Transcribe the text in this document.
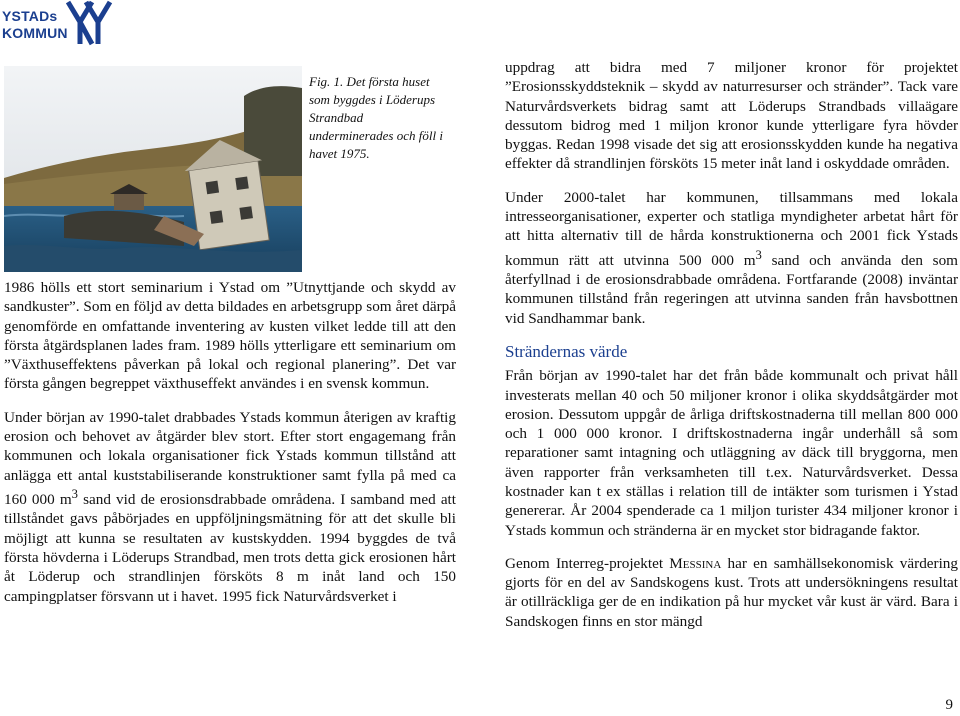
YSTADs
KOMMUN
Fig. 1. Det första huset som byggdes i Löderups Strandbad underminerades och föll i havet 1975.

1986 hölls ett stort seminarium i Ystad om ”Utnyttjande och skydd av sandkuster”. Som en följd av detta bildades en arbetsgrupp som året därpå genomförde en omfattande inventering av kusten vilket ledde till att den första åtgärdsplanen lades fram. 1989 hölls ytterligare ett seminarium om ”Växthuseffektens påverkan på lokal och regional planering”. Det var första gången begreppet växthuseffekt användes i en svensk kommun.

Under början av 1990-talet drabbades Ystads kommun återigen av kraftig erosion och behovet av åtgärder blev stort. Efter stort engagemang från kommunen och lokala organisationer fick Ystads kommun tillstånd att anlägga ett antal kuststabiliserande konstruktioner samt fylla på med ca 160 000 $m^3$ sand vid de erosionsdrabbade områdena. I samband med att tillståndet gavs påbörjades en uppföljningsmätning för att det skulle bli möjligt att kunna se resultaten av kustskydden. 1994 byggdes de två första hövderna i Löderups Strandbad, men trots detta gick erosionen hårt åt Löderup och strandlinjen försköts 8 m inåt land och 150 campingplatser försvann ut i havet. 1995 fick Naturvårdsverket i

uppdrag att bidra med 7 miljoner kronor för projektet ”Erosionsskyddsteknik – skydd av naturresurser och stränder”. Tack vare Naturvårdsverkets bidrag samt att Löderups Strandbads villaägare dessutom bidrog med 1 miljon kronor kunde ytterligare fyra hövder byggas. Redan 1998 visade det sig att erosionsskydden kunde ha negativa effekter då strandlinjen försköts 15 meter inåt land i oskyddade områden.

Under 2000-talet har kommunen, tillsammans med lokala intresseorganisationer, experter och statliga myndigheter arbetat hårt för att hitta alternativ till de hårda konstruktionerna och 2001 fick Ystads kommun rätt att utvinna 500 000 $m^3$ sand och använda den som återfyllnad i de erosionsdrabbade områdena. Fortfarande (2008) inväntar kommunen tillstånd från regeringen att utvinna sanden från havsbottnen vid Sandhammar bank.

Strändernas värde

Från början av 1990-talet har det från både kommunalt och privat håll investerats mellan 40 och 50 miljoner kronor i olika skyddsåtgärder mot erosion. Dessutom uppgår de årliga driftskostnaderna till mellan 800 000 och 1 000 000 kronor. I driftskostnaderna ingår underhåll så som reparationer samt intagning och utläggning av däck till bryggorna, men även rapporter från verksamheten till t.ex. Naturvårdsverket. Dessa kostnader kan t ex ställas i relation till de intäkter som turismen i Ystad genererar. År 2004 spenderade ca 1 miljon turister 434 miljoner kronor i Ystads kommun och stränderna är en mycket stor bidragande faktor.

Genom Interreg-projektet Messina har en samhällsekonomisk värdering gjorts för en del av Sandskogens kust. Trots att undersökningens resultat är otillräckliga ger de en indikation på hur mycket vår kust är värd. Bara i Sandskogen finns en stor mängd

9
